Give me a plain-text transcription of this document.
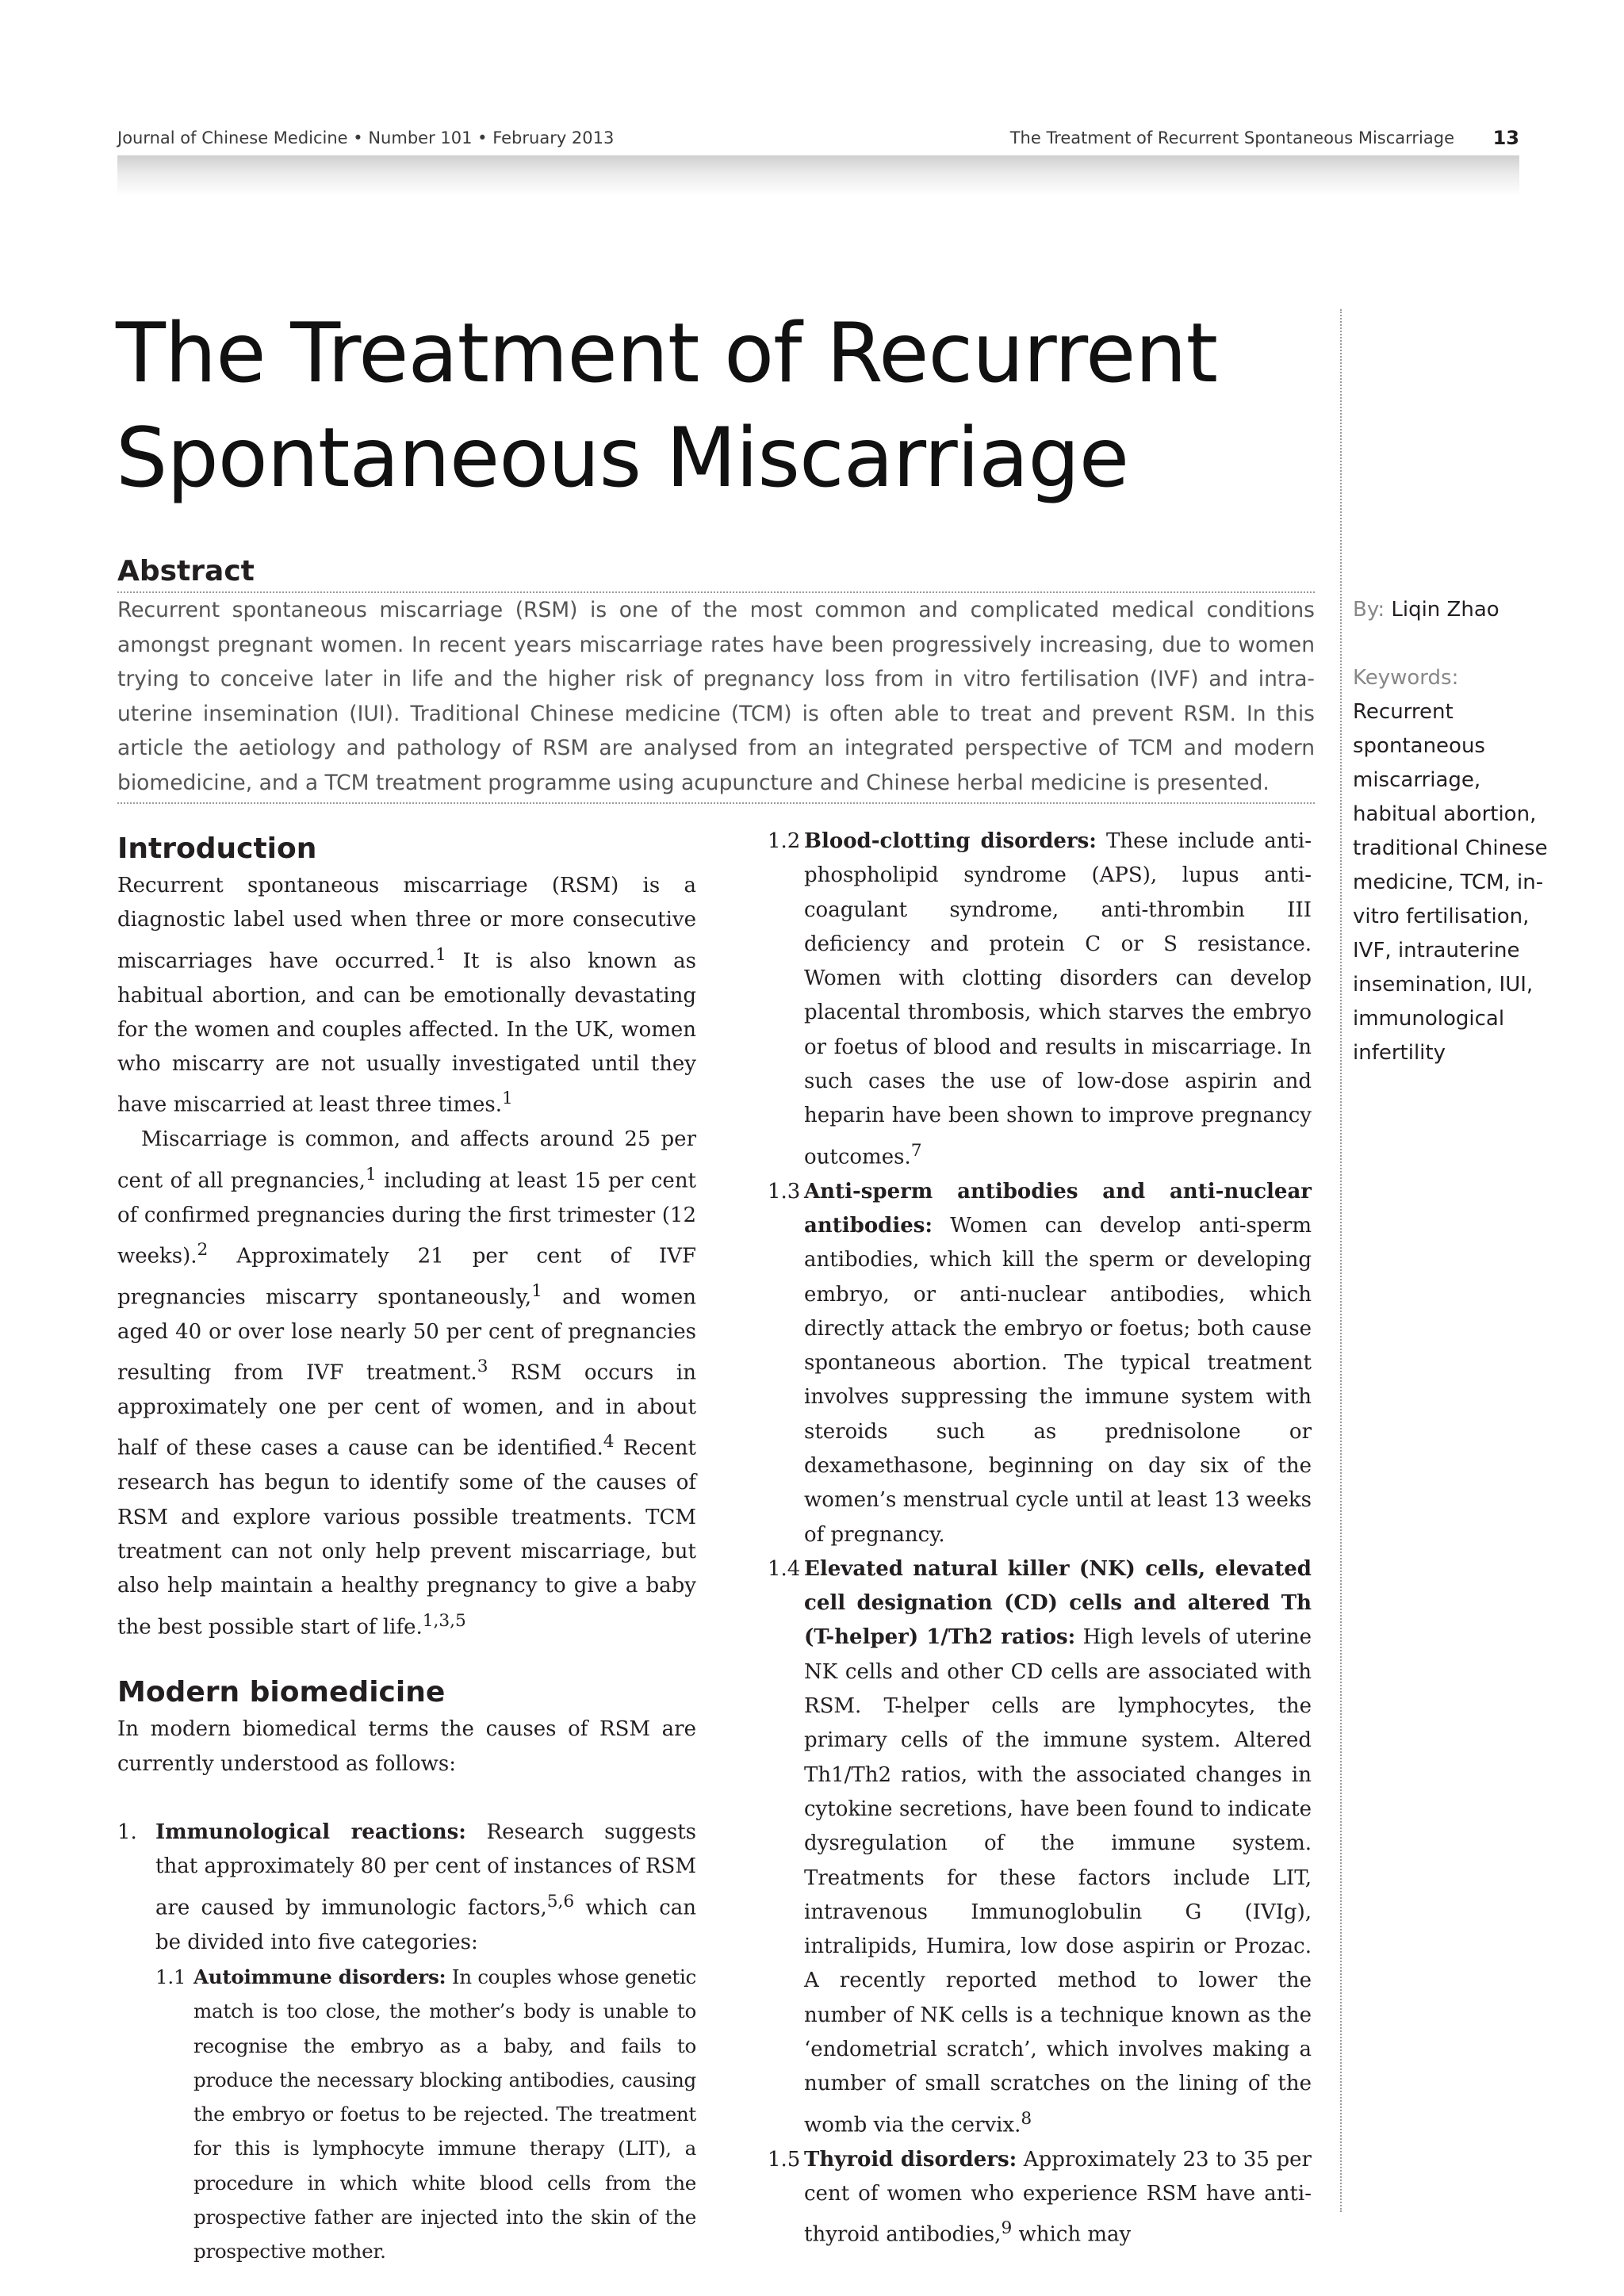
Journal of Chinese Medicine • Number 101 • February 2013	The Treatment of Recurrent Spontaneous Miscarriage 13
The Treatment of Recurrent
Spontaneous Miscarriage
Abstract

Recurrent spontaneous miscarriage (RSM) is one of the most common and complicated medical conditions amongst pregnant women. In recent years miscarriage rates have been progressively increasing, due to women trying to conceive later in life and the higher risk of pregnancy loss from in vitro fertilisation (IVF) and intra-uterine insemination (IUI). Traditional Chinese medicine (TCM) is often able to treat and prevent RSM. In this article the aetiology and pathology of RSM are analysed from an integrated perspective of TCM and modern biomedicine, and a TCM treatment programme using acupuncture and Chinese herbal medicine is presented.

By: Liqin Zhao
Keywords:
Recurrent spontaneous miscarriage, habitual abortion, traditional Chinese medicine, TCM, in-vitro fertilisation, IVF, intrauterine insemination, IUI, immunological infertility
Introduction

Recurrent spontaneous miscarriage (RSM) is a diagnostic label used when three or more consecutive miscarriages have occurred.$^1$ It is also known as habitual abortion, and can be emotionally devastating for the women and couples affected. In the UK, women who miscarry are not usually investigated until they have miscarried at least three times.$^1$

Miscarriage is common, and affects around 25 per cent of all pregnancies,$^1$ including at least 15 per cent of confirmed pregnancies during the first trimester (12 weeks).$^2$ Approximately 21 per cent of IVF pregnancies miscarry spontaneously,$^1$ and women aged 40 or over lose nearly 50 per cent of pregnancies resulting from IVF treatment.$^3$ RSM occurs in approximately one per cent of women, and in about half of these cases a cause can be identified.$^4$ Recent research has begun to identify some of the causes of RSM and explore various possible treatments. TCM treatment can not only help prevent miscarriage, but also help maintain a healthy pregnancy to give a baby the best possible start of life.$^{1,3,5}$

Modern biomedicine

In modern biomedical terms the causes of RSM are currently understood as follows:

1. Immunological reactions: Research suggests that approximately 80 per cent of instances of RSM are caused by immunologic factors,$^{5,6}$ which can be divided into five categories:
1.1 Autoimmune disorders: In couples whose genetic match is too close, the mother’s body is unable to recognise the embryo as a baby, and fails to produce the necessary blocking antibodies, causing the embryo or foetus to be rejected. The treatment for this is lymphocyte immune therapy (LIT), a procedure in which white blood cells from the prospective father are injected into the skin of the prospective mother.
1.2 Blood-clotting disorders: These include anti-phospholipid syndrome (APS), lupus anti-coagulant syndrome, anti-thrombin III deficiency and protein C or S resistance. Women with clotting disorders can develop placental thrombosis, which starves the embryo or foetus of blood and results in miscarriage. In such cases the use of low-dose aspirin and heparin have been shown to improve pregnancy outcomes.$^7$
1.3 Anti-sperm antibodies and anti-nuclear antibodies: Women can develop anti-sperm antibodies, which kill the sperm or developing embryo, or anti-nuclear antibodies, which directly attack the embryo or foetus; both cause spontaneous abortion. The typical treatment involves suppressing the immune system with steroids such as prednisolone or dexamethasone, beginning on day six of the women’s menstrual cycle until at least 13 weeks of pregnancy.
1.4 Elevated natural killer (NK) cells, elevated cell designation (CD) cells and altered Th (T-helper) 1/Th2 ratios: High levels of uterine NK cells and other CD cells are associated with RSM. T-helper cells are lymphocytes, the primary cells of the immune system. Altered Th1/Th2 ratios, with the associated changes in cytokine secretions, have been found to indicate dysregulation of the immune system. Treatments for these factors include LIT, intravenous Immunoglobulin G (IVIg), intralipids, Humira, low dose aspirin or Prozac. A recently reported method to lower the number of NK cells is a technique known as the ‘endometrial scratch’, which involves making a number of small scratches on the lining of the womb via the cervix.$^8$
1.5 Thyroid disorders: Approximately 23 to 35 per cent of women who experience RSM have anti-thyroid antibodies,$^9$ which may
